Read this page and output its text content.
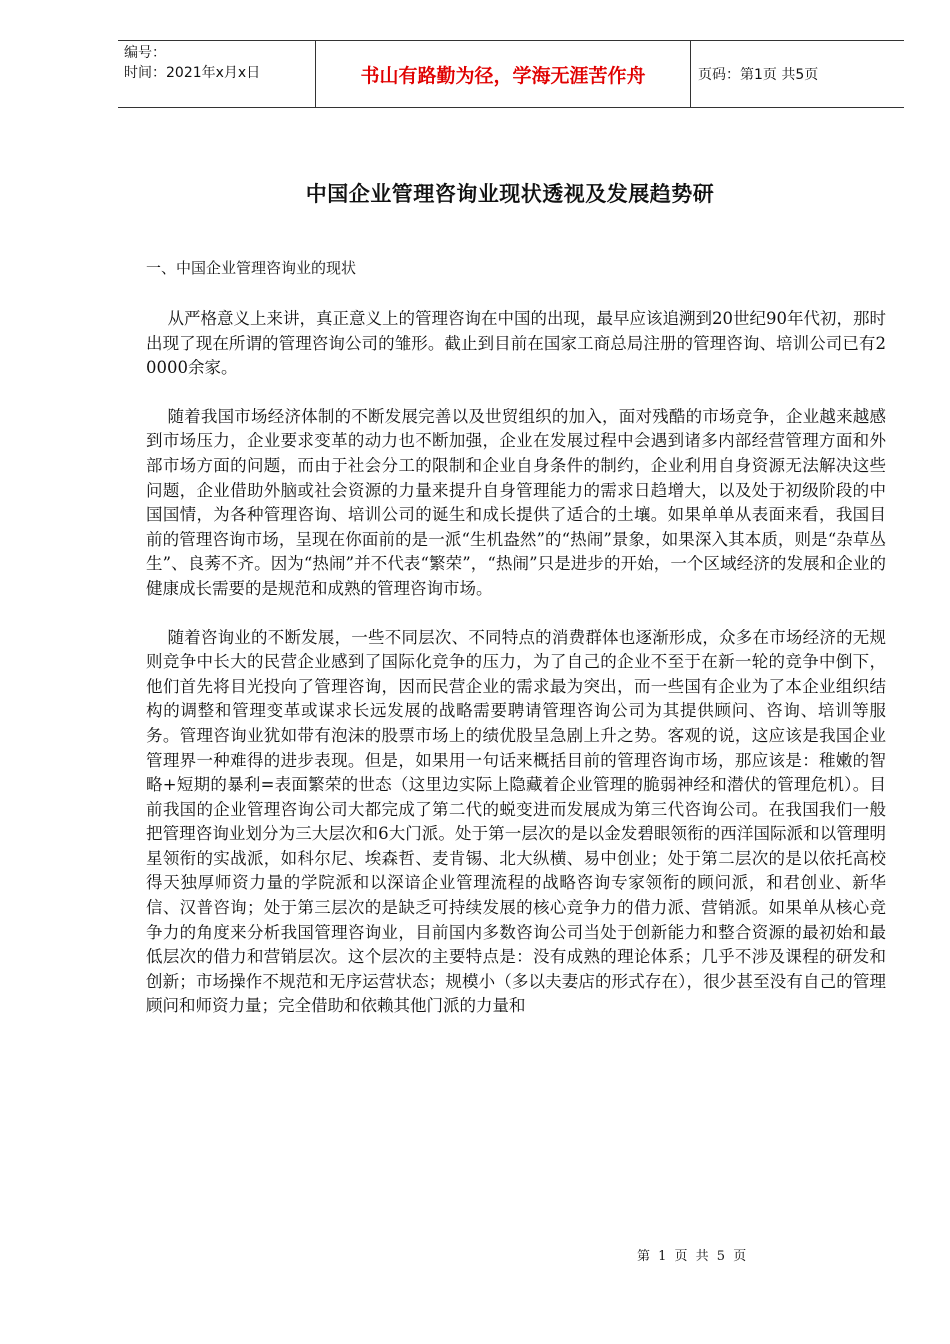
编号：
时间：2021年x月x日	书山有路勤为径，学海无涯苦作舟	页码：第1页 共5页
中国企业管理咨询业现状透视及发展趋势研
一、中国企业管理咨询业的现状

从严格意义上来讲，真正意义上的管理咨询在中国的出现，最早应该追溯到20世纪90年代初，那时出现了现在所谓的管理咨询公司的雏形。截止到目前在国家工商总局注册的管理咨询、培训公司已有20000余家。

随着我国市场经济体制的不断发展完善以及世贸组织的加入，面对残酷的市场竞争，企业越来越感到市场压力，企业要求变革的动力也不断加强，企业在发展过程中会遇到诸多内部经营管理方面和外部市场方面的问题，而由于社会分工的限制和企业自身条件的制约，企业利用自身资源无法解决这些问题，企业借助外脑或社会资源的力量来提升自身管理能力的需求日趋增大，以及处于初级阶段的中国国情，为各种管理咨询、培训公司的诞生和成长提供了适合的土壤。如果单单从表面来看，我国目前的管理咨询市场，呈现在你面前的是一派“生机盎然”的“热闹”景象，如果深入其本质，则是“杂草丛生”、良莠不齐。因为“热闹”并不代表“繁荣”，“热闹”只是进步的开始，一个区域经济的发展和企业的健康成长需要的是规范和成熟的管理咨询市场。

随着咨询业的不断发展，一些不同层次、不同特点的消费群体也逐渐形成，众多在市场经济的无规则竞争中长大的民营企业感到了国际化竞争的压力，为了自己的企业不至于在新一轮的竞争中倒下，他们首先将目光投向了管理咨询，因而民营企业的需求最为突出，而一些国有企业为了本企业组织结构的调整和管理变革或谋求长远发展的战略需要聘请管理咨询公司为其提供顾问、咨询、培训等服务。管理咨询业犹如带有泡沫的股票市场上的绩优股呈急剧上升之势。客观的说，这应该是我国企业管理界一种难得的进步表现。但是，如果用一句话来概括目前的管理咨询市场，那应该是：稚嫩的智略+短期的暴利=表面繁荣的世态（这里边实际上隐藏着企业管理的脆弱神经和潜伏的管理危机）。目前我国的企业管理咨询公司大都完成了第二代的蜕变进而发展成为第三代咨询公司。在我国我们一般把管理咨询业划分为三大层次和6大门派。处于第一层次的是以金发碧眼领衔的西洋国际派和以管理明星领衔的实战派，如科尔尼、埃森哲、麦肯锡、北大纵横、易中创业；处于第二层次的是以依托高校得天独厚师资力量的学院派和以深谙企业管理流程的战略咨询专家领衔的顾问派，和君创业、新华信、汉普咨询；处于第三层次的是缺乏可持续发展的核心竞争力的借力派、营销派。如果单从核心竞争力的角度来分析我国管理咨询业，目前国内多数咨询公司当处于创新能力和整合资源的最初始和最低层次的借力和营销层次。这个层次的主要特点是：没有成熟的理论体系；几乎不涉及课程的研发和创新；市场操作不规范和无序运营状态；规模小（多以夫妻店的形式存在），很少甚至没有自己的管理顾问和师资力量；完全借助和依赖其他门派的力量和

第 1 页 共 5 页
